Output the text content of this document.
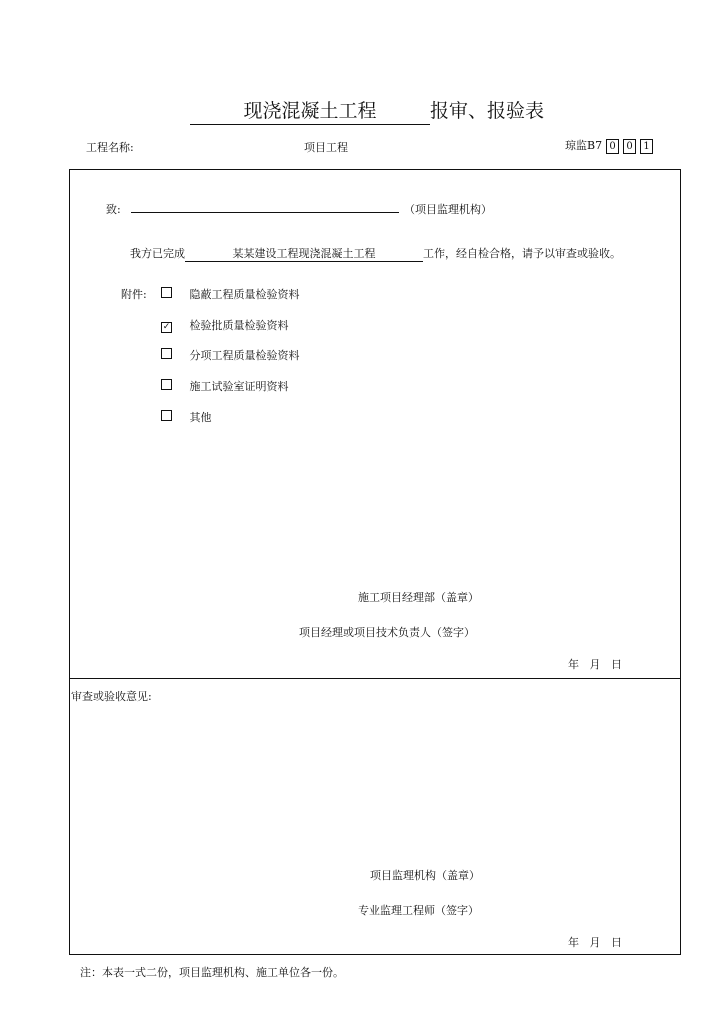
现浇混凝土工程	报审、报验表
工程名称:	项目工程	琼监B7 0 0 1
致:	（项目监理机构）
我方已完成	某某建设工程现浇混凝土工程	工作，经自检合格，请予以审查或验收。
附件:	隐蔽工程质量检验资料
✓ 检验批质量检验资料
分项工程质量检验资料
施工试验室证明资料
其他
施工项目经理部（盖章）
项目经理或项目技术负责人（签字）
年   月   日
审查或验收意见:
项目监理机构（盖章）
专业监理工程师（签字）
年   月   日
注：本表一式二份，项目监理机构、施工单位各一份。
